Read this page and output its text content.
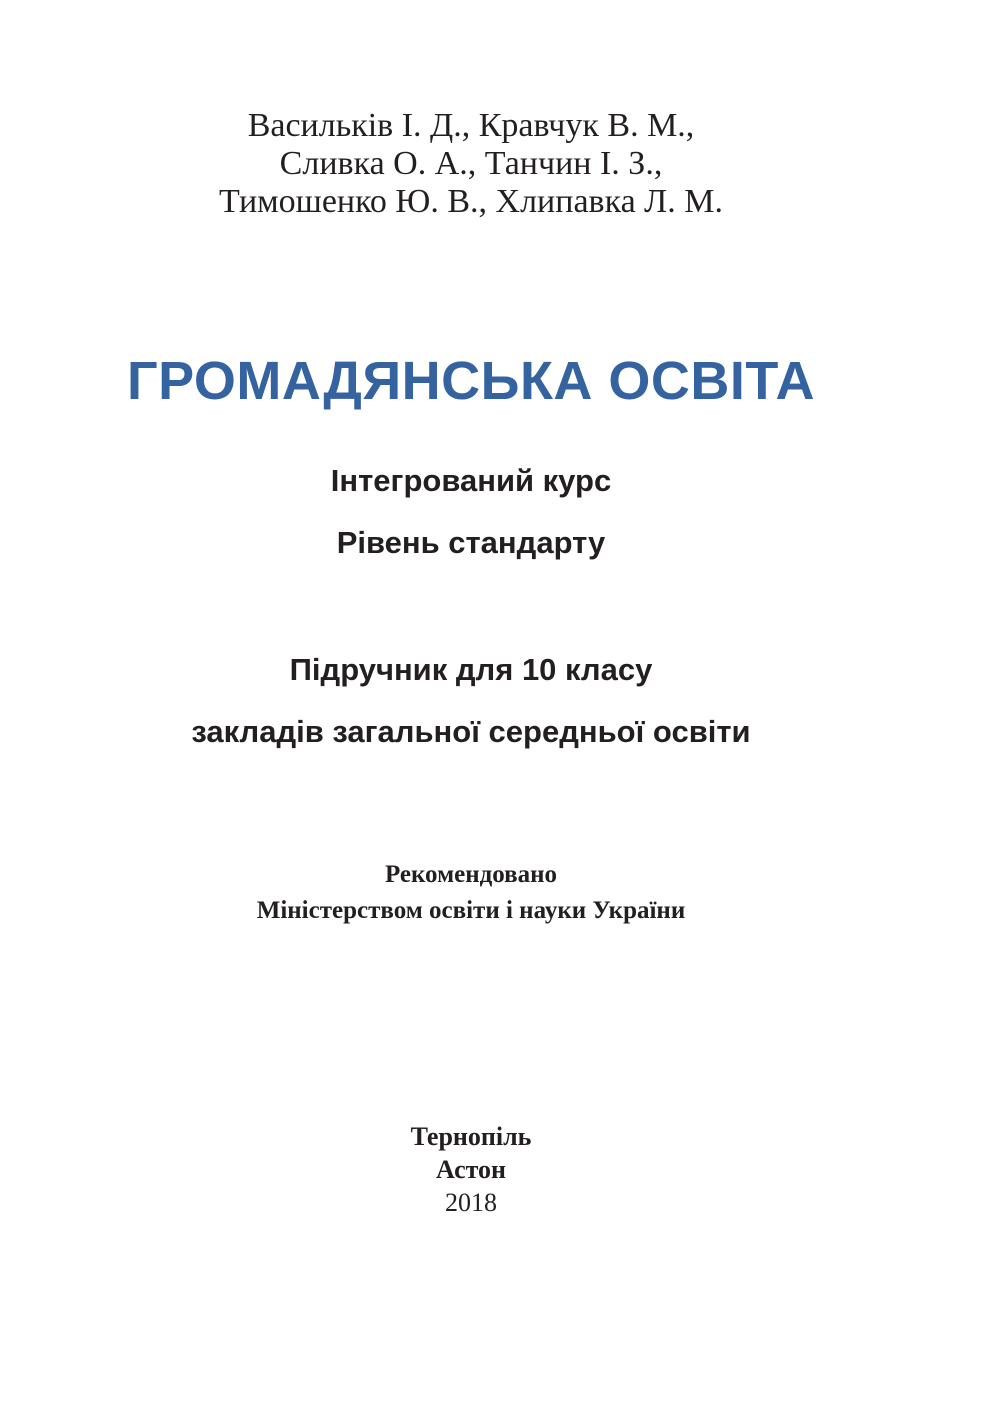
Васильків І. Д., Кравчук В. М.,
Сливка О. А., Танчин І. З.,
Тимошенко Ю. В., Хлипавка Л. М.
ГРОМАДЯНСЬКА ОСВІТА
Інтегрований курс
Рівень стандарту
Підручник для 10 класу
закладів загальної середньої освіти
Рекомендовано
Міністерством освіти і науки України
Тернопіль
Астон
2018
